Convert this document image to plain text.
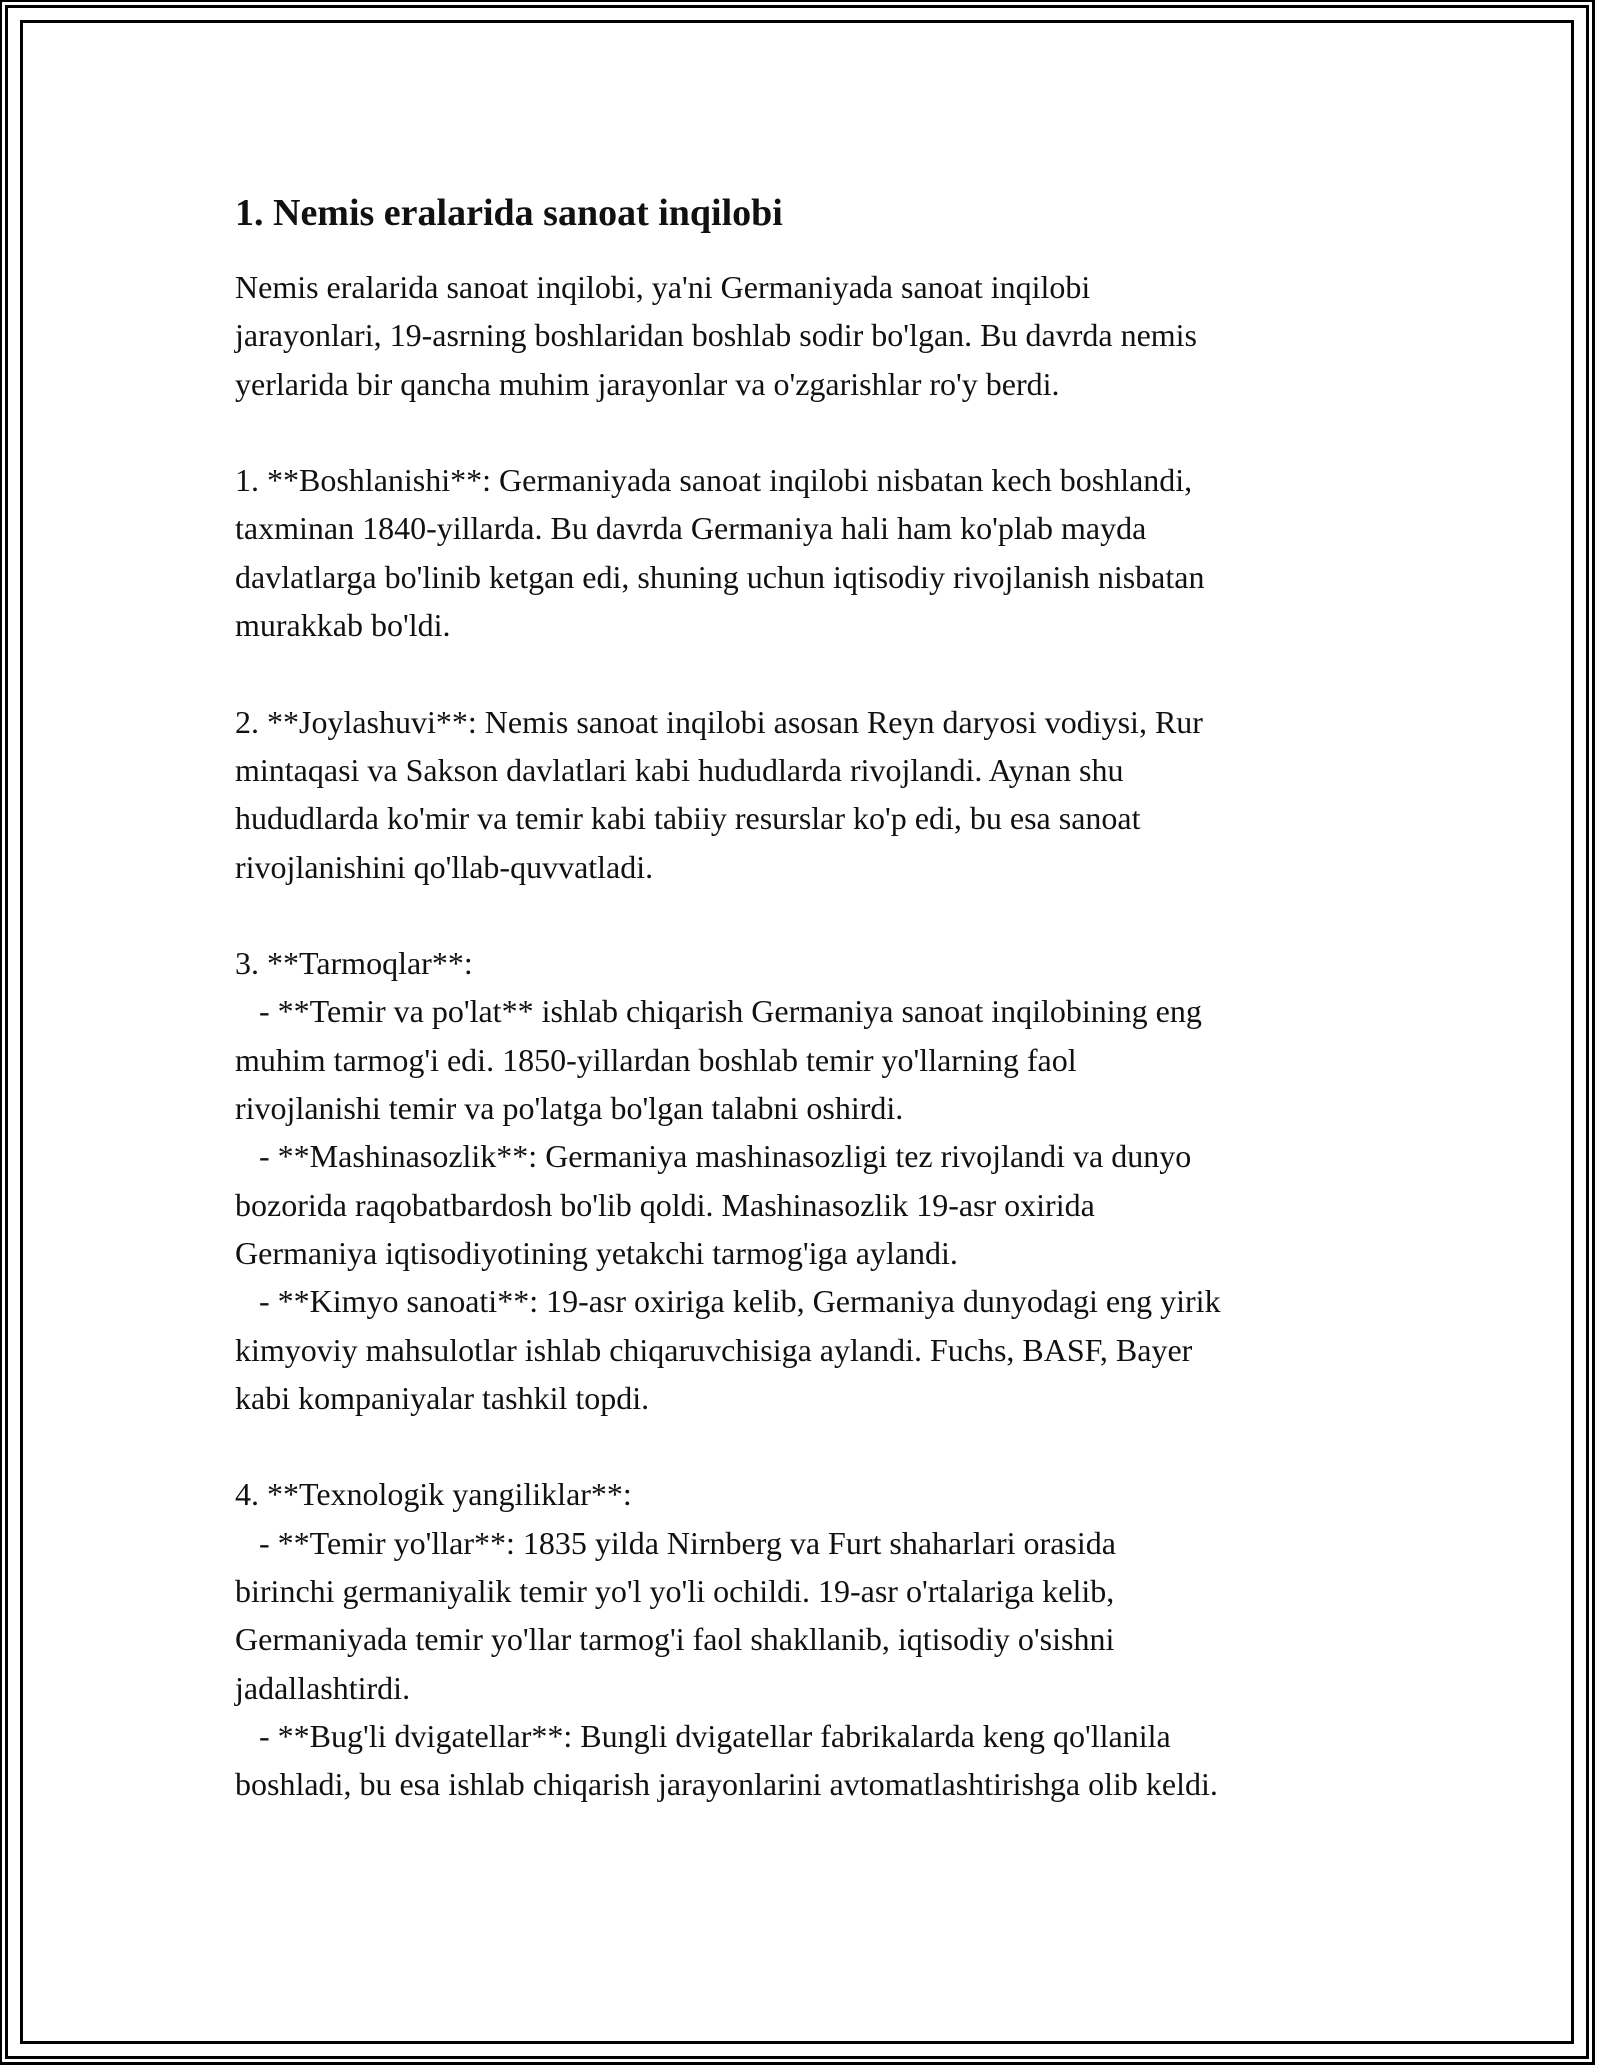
1. Nemis eralarida sanoat inqilobi
Nemis eralarida sanoat inqilobi, ya'ni Germaniyada sanoat inqilobi
jarayonlari, 19-asrning boshlaridan boshlab sodir bo'lgan. Bu davrda nemis
yerlarida bir qancha muhim jarayonlar va o'zgarishlar ro'y berdi.
1. **Boshlanishi**: Germaniyada sanoat inqilobi nisbatan kech boshlandi,
taxminan 1840-yillarda. Bu davrda Germaniya hali ham ko'plab mayda
davlatlarga bo'linib ketgan edi, shuning uchun iqtisodiy rivojlanish nisbatan
murakkab bo'ldi.
2. **Joylashuvi**: Nemis sanoat inqilobi asosan Reyn daryosi vodiysi, Rur
mintaqasi va Sakson davlatlari kabi hududlarda rivojlandi. Aynan shu
hududlarda ko'mir va temir kabi tabiiy resurslar ko'p edi, bu esa sanoat
rivojlanishini qo'llab-quvvatladi.
3. **Tarmoqlar**:
- **Temir va po'lat** ishlab chiqarish Germaniya sanoat inqilobining eng
muhim tarmog'i edi. 1850-yillardan boshlab temir yo'llarning faol
rivojlanishi temir va po'latga bo'lgan talabni oshirdi.
- **Mashinasozlik**: Germaniya mashinasozligi tez rivojlandi va dunyo
bozorida raqobatbardosh bo'lib qoldi. Mashinasozlik 19-asr oxirida
Germaniya iqtisodiyotining yetakchi tarmog'iga aylandi.
- **Kimyo sanoati**: 19-asr oxiriga kelib, Germaniya dunyodagi eng yirik
kimyoviy mahsulotlar ishlab chiqaruvchisiga aylandi. Fuchs, BASF, Bayer
kabi kompaniyalar tashkil topdi.
4. **Texnologik yangiliklar**:
- **Temir yo'llar**: 1835 yilda Nirnberg va Furt shaharlari orasida
birinchi germaniyalik temir yo'l yo'li ochildi. 19-asr o'rtalariga kelib,
Germaniyada temir yo'llar tarmog'i faol shakllanib, iqtisodiy o'sishni
jadallashtirdi.
- **Bug'li dvigatellar**: Bungli dvigatellar fabrikalarda keng qo'llanila
boshladi, bu esa ishlab chiqarish jarayonlarini avtomatlashtirishga olib keldi.
